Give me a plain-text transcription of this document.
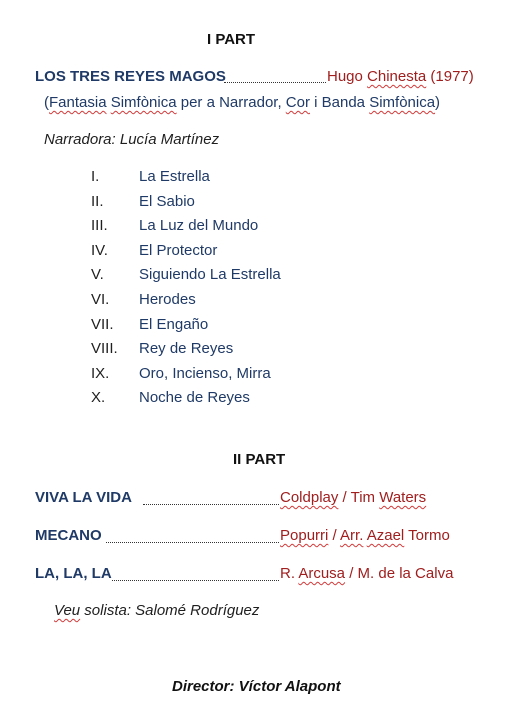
I PART
LOS TRES REYES MAGOS	Hugo Chinesta (1977)
(Fantasia Simfònica per a Narrador, Cor i Banda Simfònica)
Narradora: Lucía Martínez
I.	La Estrella
II. El Sabio
III. La Luz del Mundo
IV. El Protector
V. Siguiendo La Estrella
VI. Herodes
VII. El Engaño
VIII. Rey de Reyes
IX. Oro, Incienso, Mirra
X. Noche de Reyes
II PART
VIVA LA VIDA	Coldplay / Tim Waters
MECANO	Popurri / Arr. Azael Tormo
LA, LA, LA	R. Arcusa / M. de la Calva
Veu solista: Salomé Rodríguez
Director: Víctor Alapont
